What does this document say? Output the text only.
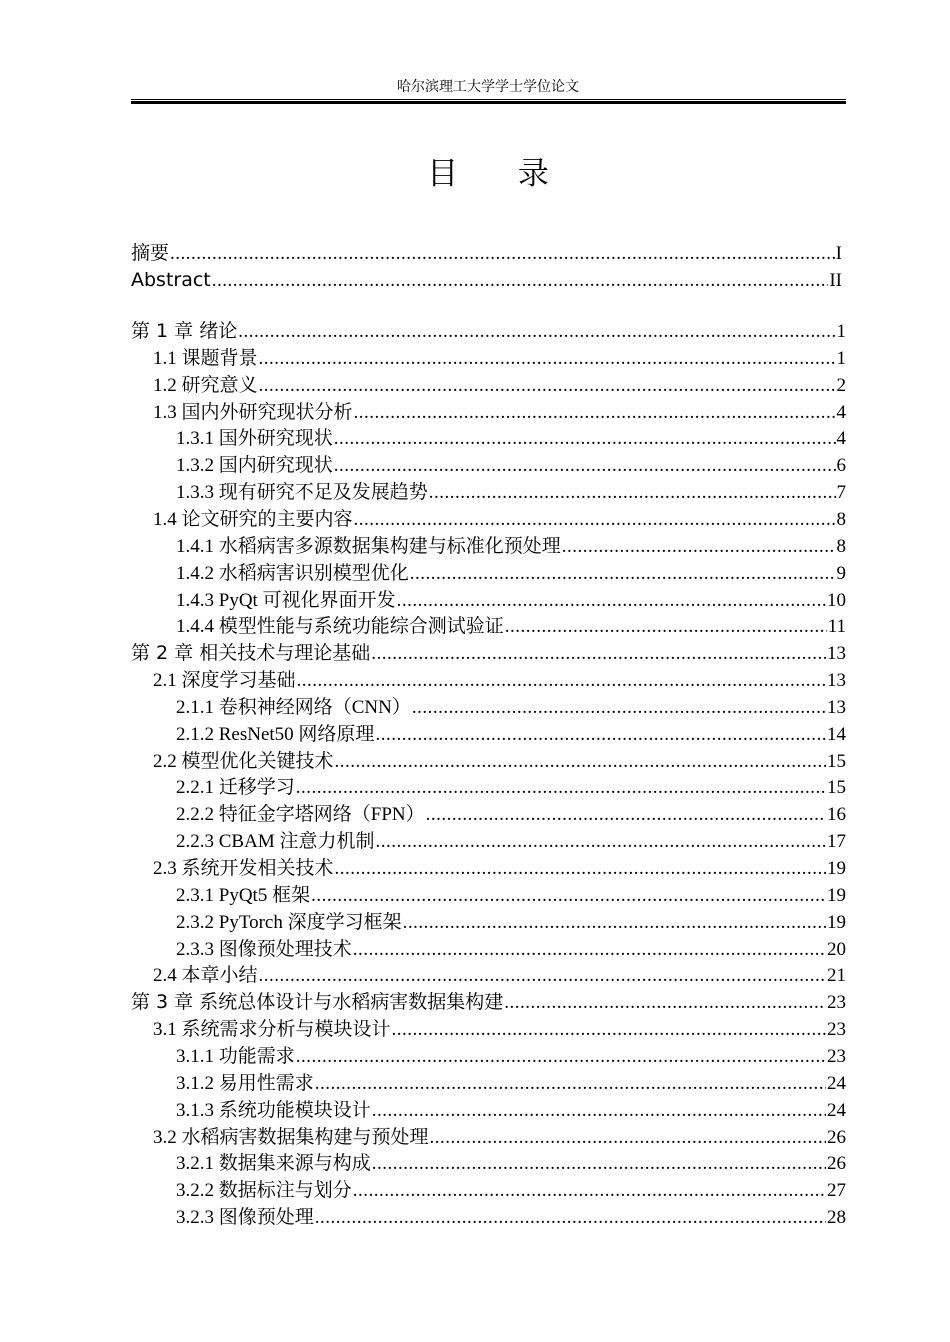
哈尔滨理工大学学士学位论文
目 录
摘要 .....	I
Abstract .....	II
第 1 章 绪论 .....	1
1.1 课题背景 .....	1
1.2 研究意义 .....	2
1.3 国内外研究现状分析 .....	4
1.3.1 国外研究现状 .....	4
1.3.2 国内研究现状 .....	6
1.3.3 现有研究不足及发展趋势 .....	7
1.4 论文研究的主要内容 .....	8
1.4.1 水稻病害多源数据集构建与标准化预处理 .....	8
1.4.2 水稻病害识别模型优化 .....	9
1.4.3 PyQt 可视化界面开发 .....	10
1.4.4 模型性能与系统功能综合测试验证 .....	11
第 2 章 相关技术与理论基础 .....	13
2.1 深度学习基础 .....	13
2.1.1 卷积神经网络（CNN） .....	13
2.1.2 ResNet50 网络原理 .....	14
2.2 模型优化关键技术 .....	15
2.2.1 迁移学习 .....	15
2.2.2 特征金字塔网络（FPN） .....	16
2.2.3 CBAM 注意力机制 .....	17
2.3 系统开发相关技术 .....	19
2.3.1 PyQt5 框架 .....	19
2.3.2 PyTorch 深度学习框架 .....	19
2.3.3 图像预处理技术 .....	20
2.4 本章小结 .....	21
第 3 章 系统总体设计与水稻病害数据集构建 .....	23
3.1 系统需求分析与模块设计 .....	23
3.1.1 功能需求 .....	23
3.1.2 易用性需求 .....	24
3.1.3 系统功能模块设计 .....	24
3.2 水稻病害数据集构建与预处理 .....	26
3.2.1 数据集来源与构成 .....	26
3.2.2 数据标注与划分 .....	27
3.2.3 图像预处理 .....	28
